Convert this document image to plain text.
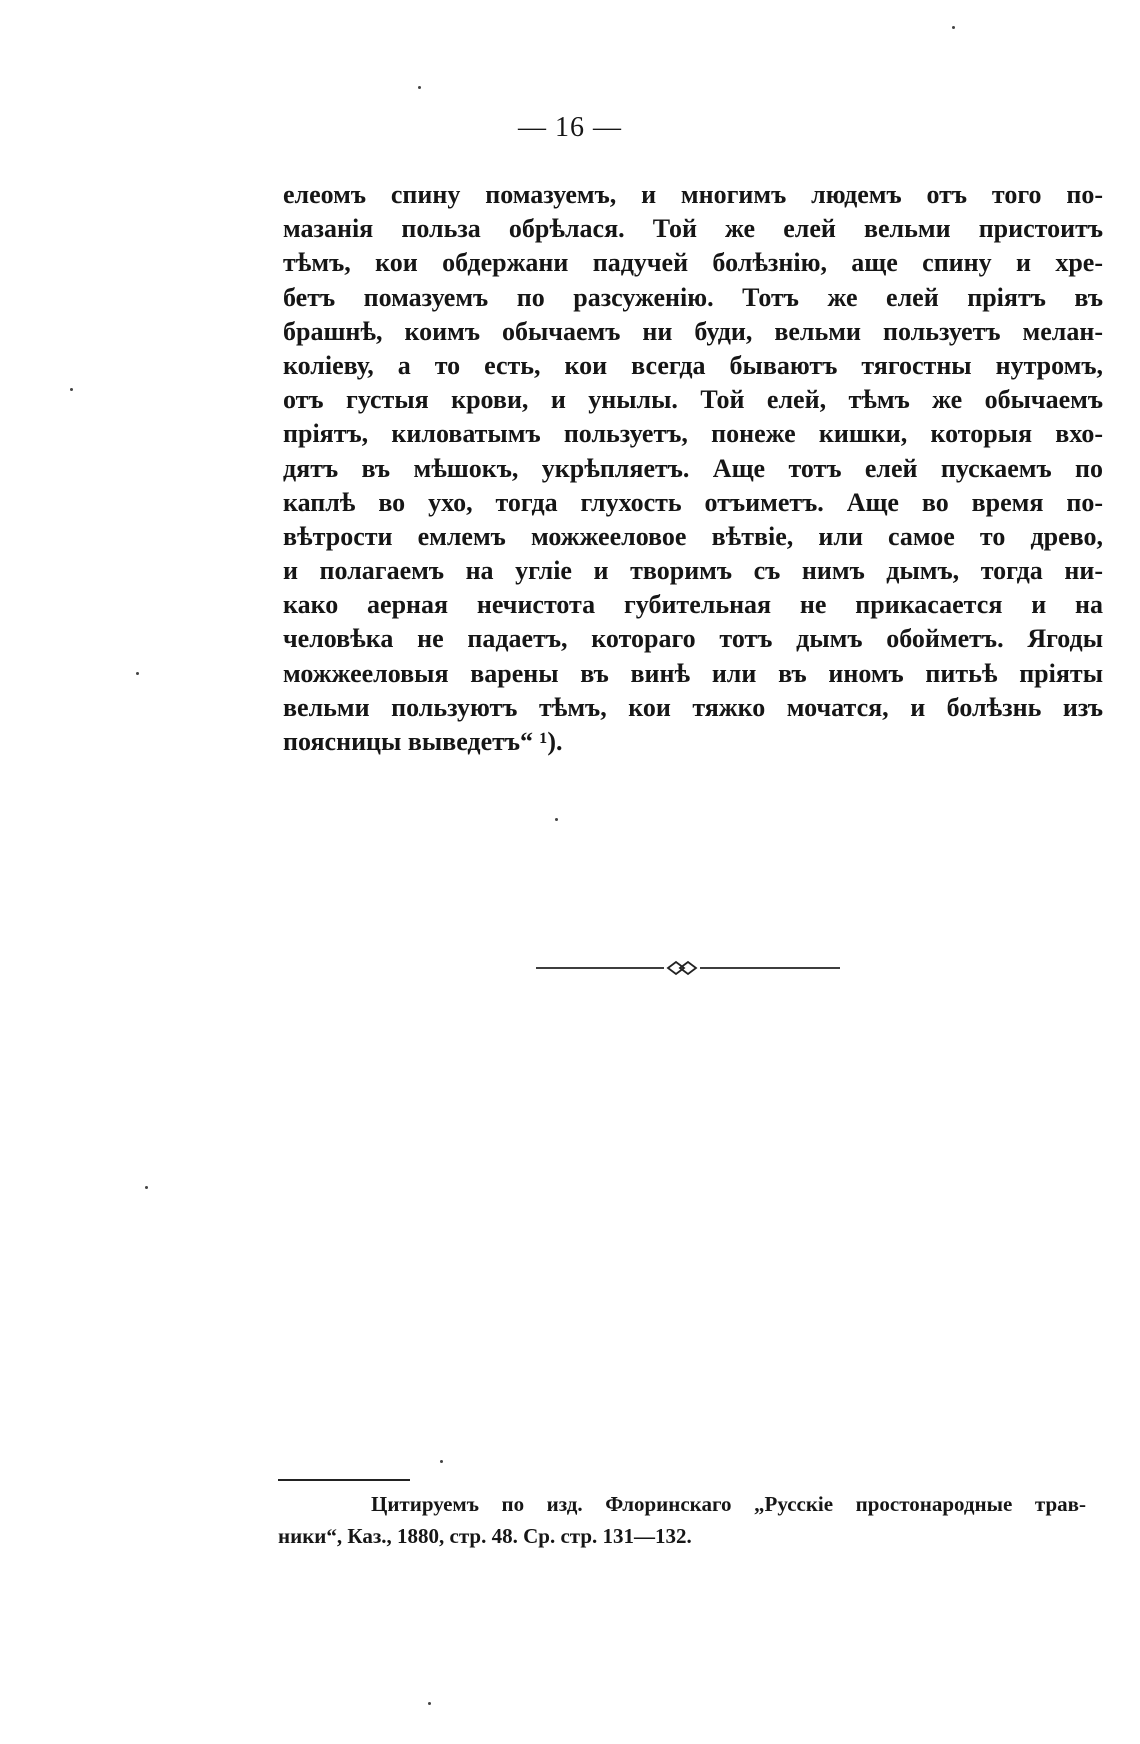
— 16 —
елеомъ спину помазуемъ, и многимъ людемъ отъ того по-
мазанія польза обрѣлася. Той же елей вельми пристоитъ
тѣмъ, кои обдержани падучей болѣзнію, аще спину и хре-
бетъ помазуемъ по разсуженію. Тотъ же елей пріятъ въ
брашнѣ, коимъ обычаемъ ни буди, вельми пользуетъ мелан-
коліеву, а то есть, кои всегда бываютъ тягостны нутромъ,
отъ густыя крови, и унылы. Той елей, тѣмъ же обычаемъ
пріятъ, киловатымъ пользуетъ, понеже кишки, которыя вхо-
дятъ въ мѣшокъ, укрѣпляетъ. Аще тотъ елей пускаемъ по
каплѣ во ухо, тогда глухость отъиметъ. Аще во время по-
вѣтрости емлемъ можжееловое вѣтвіе, или самое то древо,
и полагаемъ на угліе и творимъ съ нимъ дымъ, тогда ни-
како аерная нечистота губительная не прикасается и на
человѣка не падаетъ, котораго тотъ дымъ обойметъ. Ягоды
можжееловыя варены въ винѣ или въ иномъ питьѣ пріяты
вельми пользуютъ тѣмъ, кои тяжко мочатся, и болѣзнь изъ
поясницы выведетъ“ ¹).
Цитируемъ по изд. Флоринскаго „Русскіе простонародные трав-
ники“, Каз., 1880, стр. 48. Ср. стр. 131—132.
